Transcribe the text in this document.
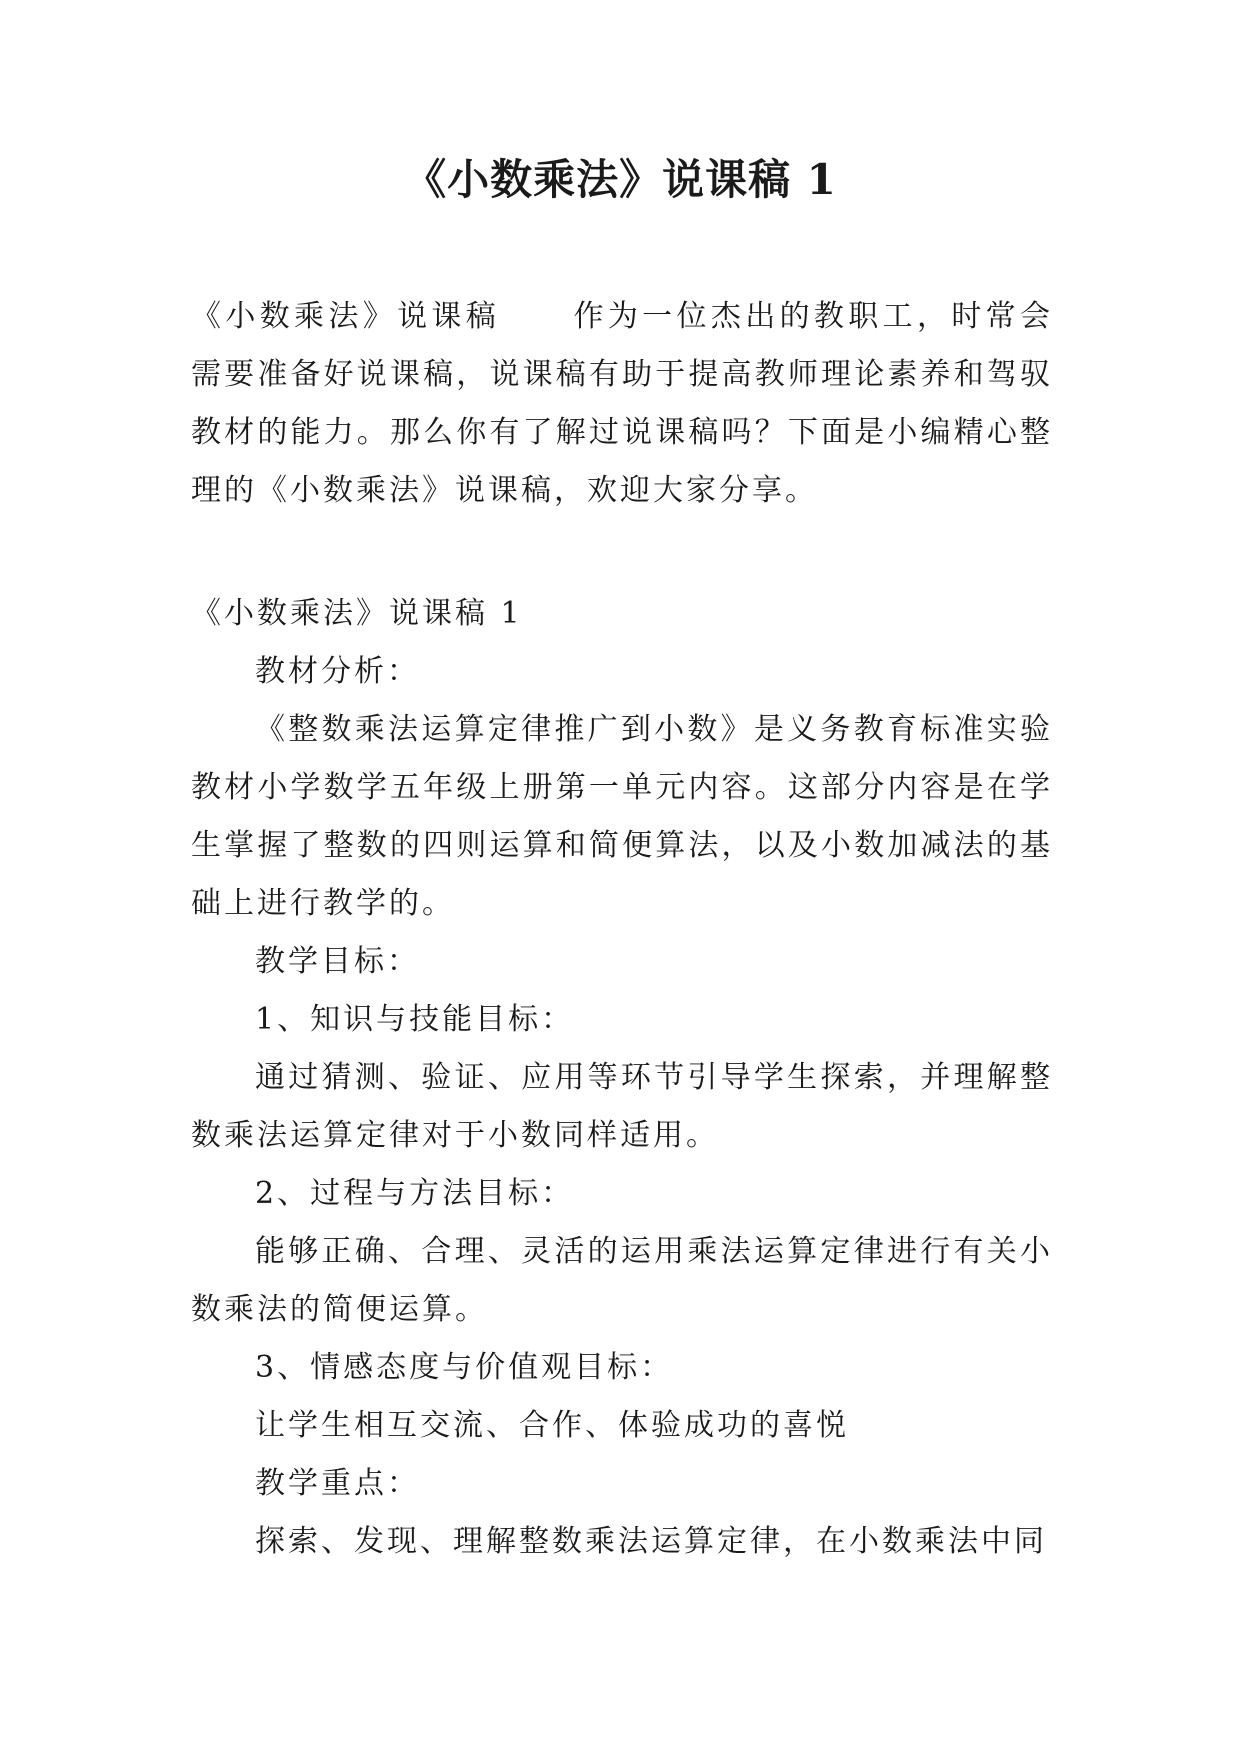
《小数乘法》说课稿 1
《小数乘法》说课稿 作为一位杰出的教职工，时常会需要准备好说课稿，说课稿有助于提高教师理论素养和驾驭教材的能力。那么你有了解过说课稿吗？下面是小编精心整理的《小数乘法》说课稿，欢迎大家分享。

《小数乘法》说课稿 1

教材分析：

《整数乘法运算定律推广到小数》是义务教育标准实验教材小学数学五年级上册第一单元内容。这部分内容是在学生掌握了整数的四则运算和简便算法，以及小数加减法的基础上进行教学的。

教学目标：

1、知识与技能目标：

通过猜测、验证、应用等环节引导学生探索，并理解整数乘法运算定律对于小数同样适用。

2、过程与方法目标：

能够正确、合理、灵活的运用乘法运算定律进行有关小数乘法的简便运算。

3、情感态度与价值观目标：

让学生相互交流、合作、体验成功的喜悦

教学重点：

探索、发现、理解整数乘法运算定律，在小数乘法中同
